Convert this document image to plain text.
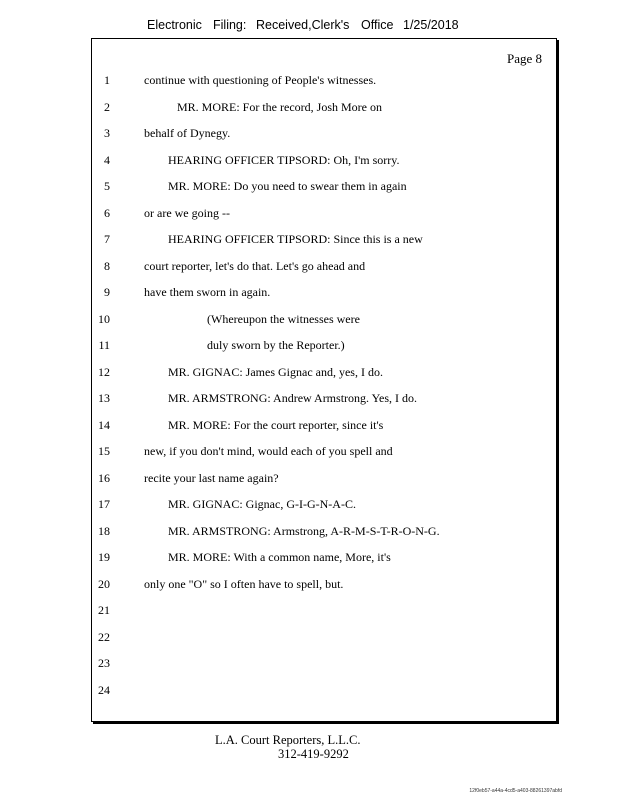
Electronic Filing: Received,Clerk's Office 1/25/2018
Page 8
1	continue with questioning of People's witnesses.
2	MR. MORE: For the record, Josh More on
3	behalf of Dynegy.
4	HEARING OFFICER TIPSORD: Oh, I'm sorry.
5	MR. MORE: Do you need to swear them in again
6	or are we going --
7	HEARING OFFICER TIPSORD: Since this is a new
8	court reporter, let's do that. Let's go ahead and
9	have them sworn in again.
10	(Whereupon the witnesses were
11	duly sworn by the Reporter.)
12	MR. GIGNAC: James Gignac and, yes, I do.
13	MR. ARMSTRONG: Andrew Armstrong. Yes, I do.
14	MR. MORE: For the court reporter, since it's
15	new, if you don't mind, would each of you spell and
16	recite your last name again?
17	MR. GIGNAC: Gignac, G-I-G-N-A-C.
18	MR. ARMSTRONG: Armstrong, A-R-M-S-T-R-O-N-G.
19	MR. MORE: With a common name, More, it's
20	only one "O" so I often have to spell, but.
21
22
23
24
L.A. Court Reporters, L.L.C.
312-419-9292
12f0eb57-a44a-4cd5-a403-88261397abfd
